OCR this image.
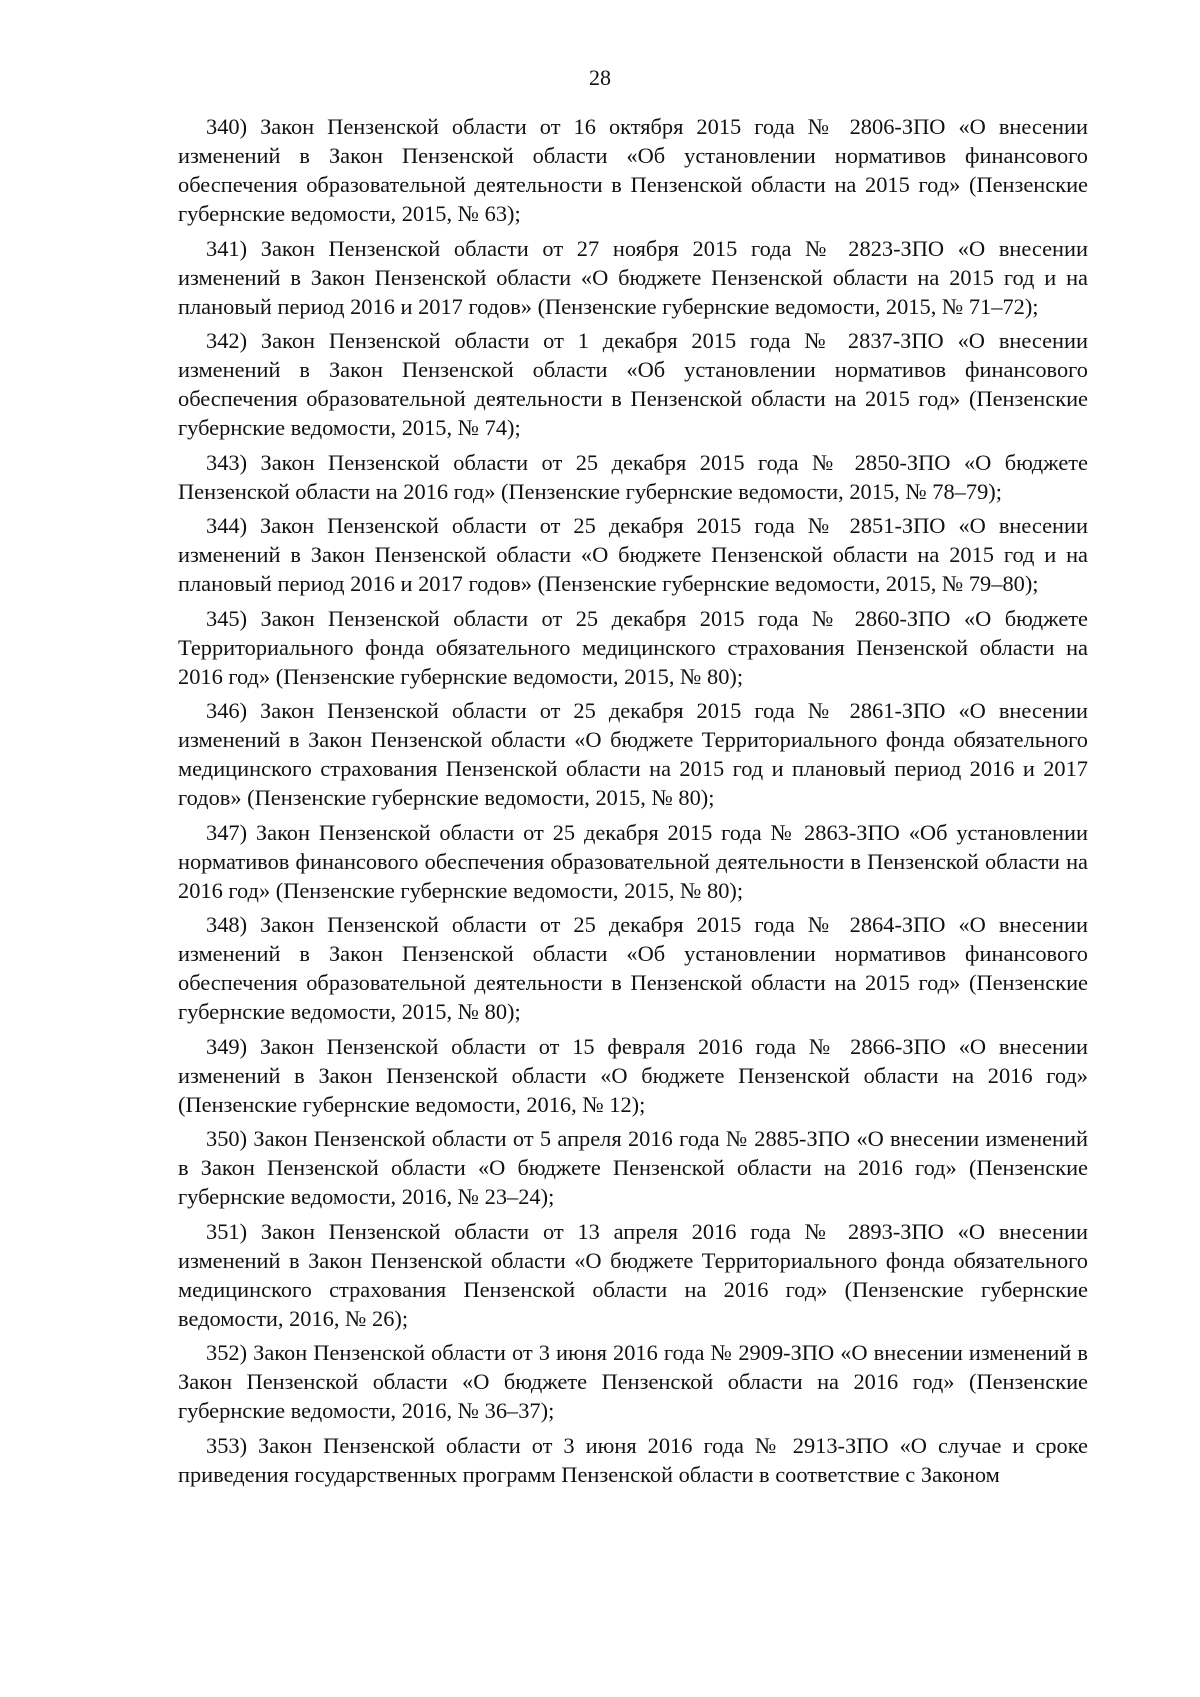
28

340) Закон Пензенской области от 16 октября 2015 года № 2806-ЗПО «О внесении изменений в Закон Пензенской области «Об установлении нормативов финансового обеспечения образовательной деятельности в Пензенской области на 2015 год» (Пензенские губернские ведомости, 2015, № 63);

341) Закон Пензенской области от 27 ноября 2015 года № 2823-ЗПО «О внесении изменений в Закон Пензенской области «О бюджете Пензенской области на 2015 год и на плановый период 2016 и 2017 годов» (Пензенские губернские ведомости, 2015, № 71–72);

342) Закон Пензенской области от 1 декабря 2015 года № 2837-ЗПО «О внесении изменений в Закон Пензенской области «Об установлении нормативов финансового обеспечения образовательной деятельности в Пензенской области на 2015 год» (Пензенские губернские ведомости, 2015, № 74);

343) Закон Пензенской области от 25 декабря 2015 года № 2850-ЗПО «О бюджете Пензенской области на 2016 год» (Пензенские губернские ведомости, 2015, № 78–79);

344) Закон Пензенской области от 25 декабря 2015 года № 2851-ЗПО «О внесении изменений в Закон Пензенской области «О бюджете Пензенской области на 2015 год и на плановый период 2016 и 2017 годов» (Пензенские губернские ведомости, 2015, № 79–80);

345) Закон Пензенской области от 25 декабря 2015 года № 2860-ЗПО «О бюджете Территориального фонда обязательного медицинского страхования Пензенской области на 2016 год» (Пензенские губернские ведомости, 2015, № 80);

346) Закон Пензенской области от 25 декабря 2015 года № 2861-ЗПО «О внесении изменений в Закон Пензенской области «О бюджете Территориального фонда обязательного медицинского страхования Пензенской области на 2015 год и плановый период 2016 и 2017 годов» (Пензенские губернские ведомости, 2015, № 80);

347) Закон Пензенской области от 25 декабря 2015 года № 2863-ЗПО «Об установлении нормативов финансового обеспечения образовательной деятельности в Пензенской области на 2016 год» (Пензенские губернские ведомости, 2015, № 80);

348) Закон Пензенской области от 25 декабря 2015 года № 2864-ЗПО «О внесении изменений в Закон Пензенской области «Об установлении нормативов финансового обеспечения образовательной деятельности в Пензенской области на 2015 год» (Пензенские губернские ведомости, 2015, № 80);

349) Закон Пензенской области от 15 февраля 2016 года № 2866-ЗПО «О внесении изменений в Закон Пензенской области «О бюджете Пензенской области на 2016 год» (Пензенские губернские ведомости, 2016, № 12);

350) Закон Пензенской области от 5 апреля 2016 года № 2885-ЗПО «О внесении изменений в Закон Пензенской области «О бюджете Пензенской области на 2016 год» (Пензенские губернские ведомости, 2016, № 23–24);

351) Закон Пензенской области от 13 апреля 2016 года № 2893-ЗПО «О внесении изменений в Закон Пензенской области «О бюджете Территориального фонда обязательного медицинского страхования Пензенской области на 2016 год» (Пензенские губернские ведомости, 2016, № 26);

352) Закон Пензенской области от 3 июня 2016 года № 2909-ЗПО «О внесении изменений в Закон Пензенской области «О бюджете Пензенской области на 2016 год» (Пензенские губернские ведомости, 2016, № 36–37);

353) Закон Пензенской области от 3 июня 2016 года № 2913-ЗПО «О случае и сроке приведения государственных программ Пензенской области в соответствие с Законом
